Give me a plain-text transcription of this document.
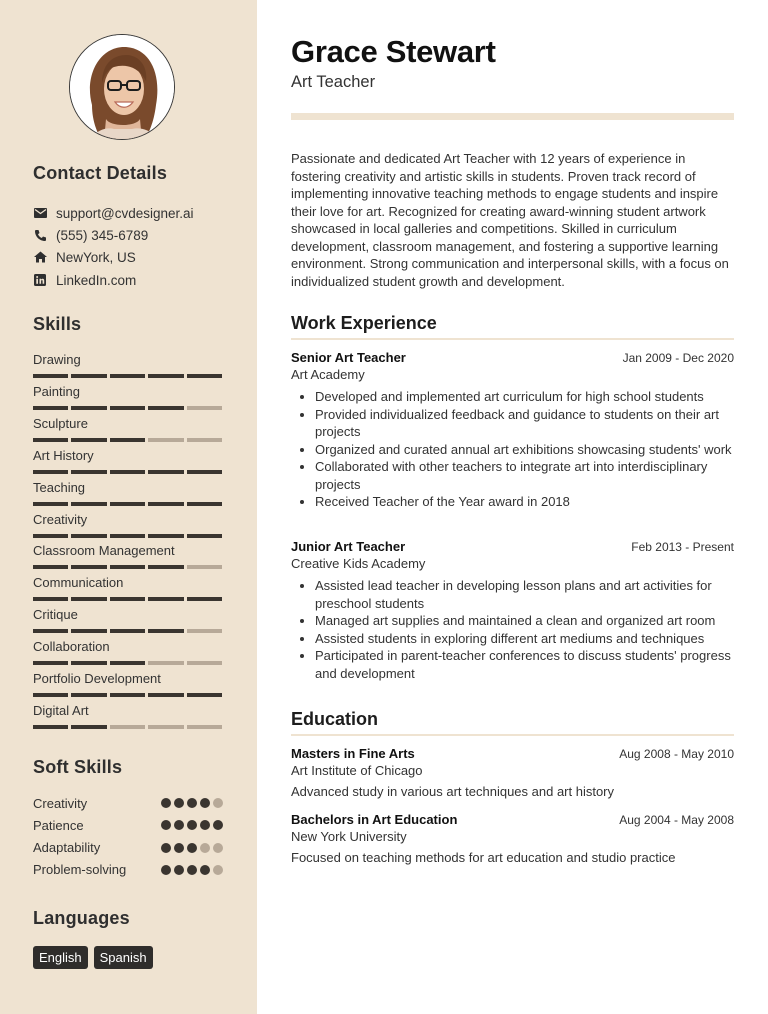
Contact Details
support@cvdesigner.ai
(555) 345-6789
NewYork, US
LinkedIn.com
Skills
Drawing
Painting
Sculpture
Art History
Teaching
Creativity
Classroom Management
Communication
Critique
Collaboration
Portfolio Development
Digital Art
Soft Skills
Creativity
Patience
Adaptability
Problem-solving
Languages
English	Spanish
Grace Stewart
Art Teacher
Passionate and dedicated Art Teacher with 12 years of experience in fostering creativity and artistic skills in students. Proven track record of implementing innovative teaching methods to engage students and inspire their love for art. Recognized for creating award-winning student artwork showcased in local galleries and competitions. Skilled in curriculum development, classroom management, and fostering a supportive learning environment. Strong communication and interpersonal skills, with a focus on individualized student growth and development.
Work Experience
Senior Art Teacher	Jan 2009 - Dec 2020
Art Academy
• Developed and implemented art curriculum for high school students
• Provided individualized feedback and guidance to students on their art projects
• Organized and curated annual art exhibitions showcasing students' work
• Collaborated with other teachers to integrate art into interdisciplinary projects
• Received Teacher of the Year award in 2018
Junior Art Teacher	Feb 2013 - Present
Creative Kids Academy
• Assisted lead teacher in developing lesson plans and art activities for preschool students
• Managed art supplies and maintained a clean and organized art room
• Assisted students in exploring different art mediums and techniques
• Participated in parent-teacher conferences to discuss students' progress and development
Education
Masters in Fine Arts	Aug 2008 - May 2010
Art Institute of Chicago
Advanced study in various art techniques and art history
Bachelors in Art Education	Aug 2004 - May 2008
New York University
Focused on teaching methods for art education and studio practice
